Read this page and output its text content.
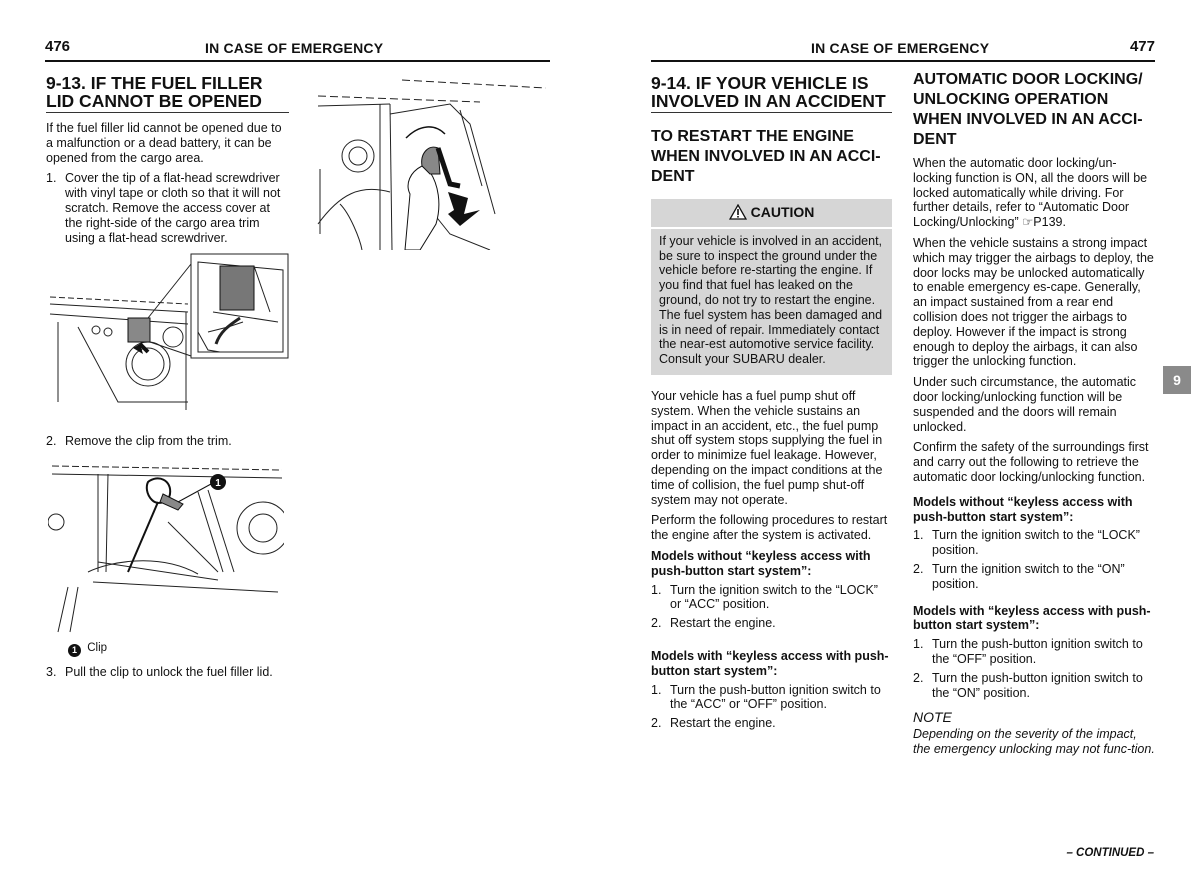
476	IN CASE OF EMERGENCY
9-13. IF THE FUEL FILLER
LID CANNOT BE OPENED

If the fuel filler lid cannot be opened due to a malfunction or a dead battery, it can be opened from the cargo area.

1. Cover the tip of a flat-head screwdriver with vinyl tape or cloth so that it will not scratch. Remove the access cover at the right-side of the cargo area trim using a flat-head screwdriver.
2. Remove the clip from the trim.
1
1 Clip
3. Pull the clip to unlock the fuel filler lid.
IN CASE OF EMERGENCY	477
9-14. IF YOUR VEHICLE IS
INVOLVED IN AN ACCIDENT
TO RESTART THE ENGINE WHEN INVOLVED IN AN ACCI-DENT
CAUTION
If your vehicle is involved in an accident, be sure to inspect the ground under the vehicle before re-starting the engine. If you find that fuel has leaked on the ground, do not try to restart the engine. The fuel system has been damaged and is in need of repair. Immediately contact the near-est automotive service facility. Consult your SUBARU dealer.

Your vehicle has a fuel pump shut off system. When the vehicle sustains an impact in an accident, etc., the fuel pump shut off system stops supplying the fuel in order to minimize fuel leakage. However, depending on the impact conditions at the time of collision, the fuel pump shut-off system may not operate.

Perform the following procedures to restart the engine after the system is activated.

Models without “keyless access with push-button start system”:
1. Turn the ignition switch to the “LOCK” or “ACC” position.
2. Restart the engine.
Models with “keyless access with push-button start system”:
1. Turn the push-button ignition switch to the “ACC” or “OFF” position.
2. Restart the engine.
AUTOMATIC DOOR LOCKING/ UNLOCKING OPERATION WHEN INVOLVED IN AN ACCI-DENT

When the automatic door locking/un-locking function is ON, all the doors will be locked automatically while driving. For further details, refer to “Automatic Door Locking/Unlocking” ☞P139.

When the vehicle sustains a strong impact which may trigger the airbags to deploy, the door locks may be unlocked automatically to enable emergency es-cape. Generally, an impact sustained from a rear end collision does not trigger the airbags to deploy. However if the impact is strong enough to deploy the airbags, it can also trigger the unlocking function.

Under such circumstance, the automatic door locking/unlocking function will be suspended and the doors will remain unlocked.

Confirm the safety of the surroundings first and carry out the following to retrieve the automatic door locking/unlocking function.

Models without “keyless access with push-button start system”:
1. Turn the ignition switch to the “LOCK” position.
2. Turn the ignition switch to the “ON” position.
Models with “keyless access with push-button start system”:
1. Turn the push-button ignition switch to the “OFF” position.
2. Turn the push-button ignition switch to the “ON” position.
NOTE
Depending on the severity of the impact, the emergency unlocking may not func-tion.
9
– CONTINUED –
